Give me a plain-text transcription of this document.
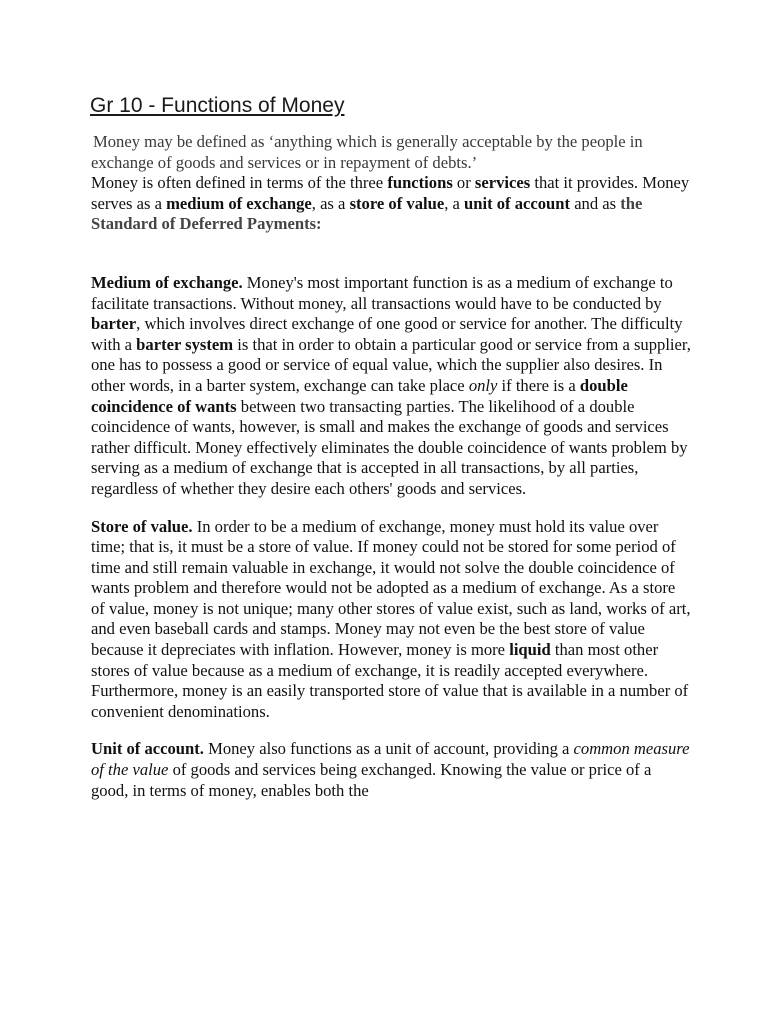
Gr 10 - Functions of Money

Money may be defined as ‘anything which is generally acceptable by the people in exchange of goods and services or in repayment of debts.’
Money is often defined in terms of the three functions or services that it provides. Money serves as a medium of exchange, as a store of value, a unit of account and as the Standard of Deferred Payments:

Medium of exchange. Money's most important function is as a medium of exchange to facilitate transactions. Without money, all transactions would have to be conducted by barter, which involves direct exchange of one good or service for another. The difficulty with a barter system is that in order to obtain a particular good or service from a supplier, one has to possess a good or service of equal value, which the supplier also desires. In other words, in a barter system, exchange can take place only if there is a double coincidence of wants between two transacting parties. The likelihood of a double coincidence of wants, however, is small and makes the exchange of goods and services rather difficult. Money effectively eliminates the double coincidence of wants problem by serving as a medium of exchange that is accepted in all transactions, by all parties, regardless of whether they desire each others' goods and services.

Store of value. In order to be a medium of exchange, money must hold its value over time; that is, it must be a store of value. If money could not be stored for some period of time and still remain valuable in exchange, it would not solve the double coincidence of wants problem and therefore would not be adopted as a medium of exchange. As a store of value, money is not unique; many other stores of value exist, such as land, works of art, and even baseball cards and stamps. Money may not even be the best store of value because it depreciates with inflation. However, money is more liquid than most other stores of value because as a medium of exchange, it is readily accepted everywhere. Furthermore, money is an easily transported store of value that is available in a number of convenient denominations.

Unit of account. Money also functions as a unit of account, providing a common measure of the value of goods and services being exchanged. Knowing the value or price of a good, in terms of money, enables both the
